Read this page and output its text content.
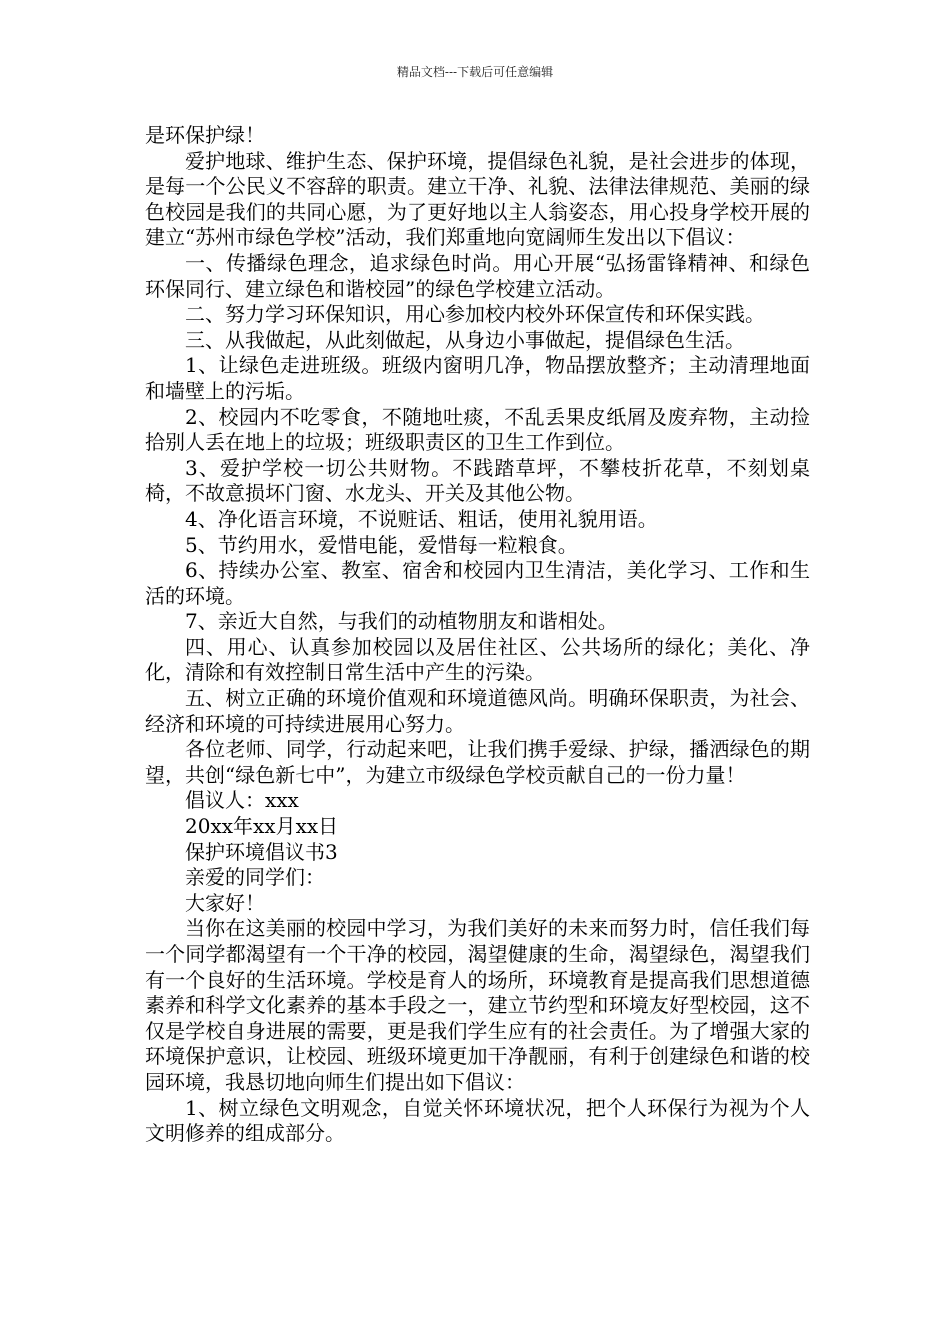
精品文档---下载后可任意编辑

是环保护绿！

爱护地球、维护生态、保护环境，提倡绿色礼貌，是社会进步的体现，是每一个公民义不容辞的职责。建立干净、礼貌、法律法律规范、美丽的绿色校园是我们的共同心愿，为了更好地以主人翁姿态，用心投身学校开展的建立“苏州市绿色学校”活动，我们郑重地向宽阔师生发出以下倡议：

一、传播绿色理念，追求绿色时尚。用心开展“弘扬雷锋精神、和绿色环保同行、建立绿色和谐校园”的绿色学校建立活动。

二、努力学习环保知识，用心参加校内校外环保宣传和环保实践。

三、从我做起，从此刻做起，从身边小事做起，提倡绿色生活。

1、让绿色走进班级。班级内窗明几净，物品摆放整齐；主动清理地面和墙壁上的污垢。

2、校园内不吃零食，不随地吐痰，不乱丢果皮纸屑及废弃物，主动捡拾别人丢在地上的垃圾；班级职责区的卫生工作到位。

3、爱护学校一切公共财物。不践踏草坪，不攀枝折花草，不刻划桌椅，不故意损坏门窗、水龙头、开关及其他公物。

4、净化语言环境，不说赃话、粗话，使用礼貌用语。

5、节约用水，爱惜电能，爱惜每一粒粮食。

6、持续办公室、教室、宿舍和校园内卫生清洁，美化学习、工作和生活的环境。

7、亲近大自然，与我们的动植物朋友和谐相处。

四、用心、认真参加校园以及居住社区、公共场所的绿化；美化、净化，清除和有效控制日常生活中产生的污染。

五、树立正确的环境价值观和环境道德风尚。明确环保职责，为社会、经济和环境的可持续进展用心努力。

各位老师、同学，行动起来吧，让我们携手爱绿、护绿，播洒绿色的期望，共创“绿色新七中”，为建立市级绿色学校贡献自己的一份力量！

倡议人：xxx

20xx年xx月xx日

保护环境倡议书3

亲爱的同学们：

大家好！

当你在这美丽的校园中学习，为我们美好的未来而努力时，信任我们每一个同学都渴望有一个干净的校园，渴望健康的生命，渴望绿色，渴望我们有一个良好的生活环境。学校是育人的场所，环境教育是提高我们思想道德素养和科学文化素养的基本手段之一，建立节约型和环境友好型校园，这不仅是学校自身进展的需要，更是我们学生应有的社会责任。为了增强大家的环境保护意识，让校园、班级环境更加干净靓丽，有利于创建绿色和谐的校园环境，我恳切地向师生们提出如下倡议：

1、树立绿色文明观念，自觉关怀环境状况，把个人环保行为视为个人文明修养的组成部分。
